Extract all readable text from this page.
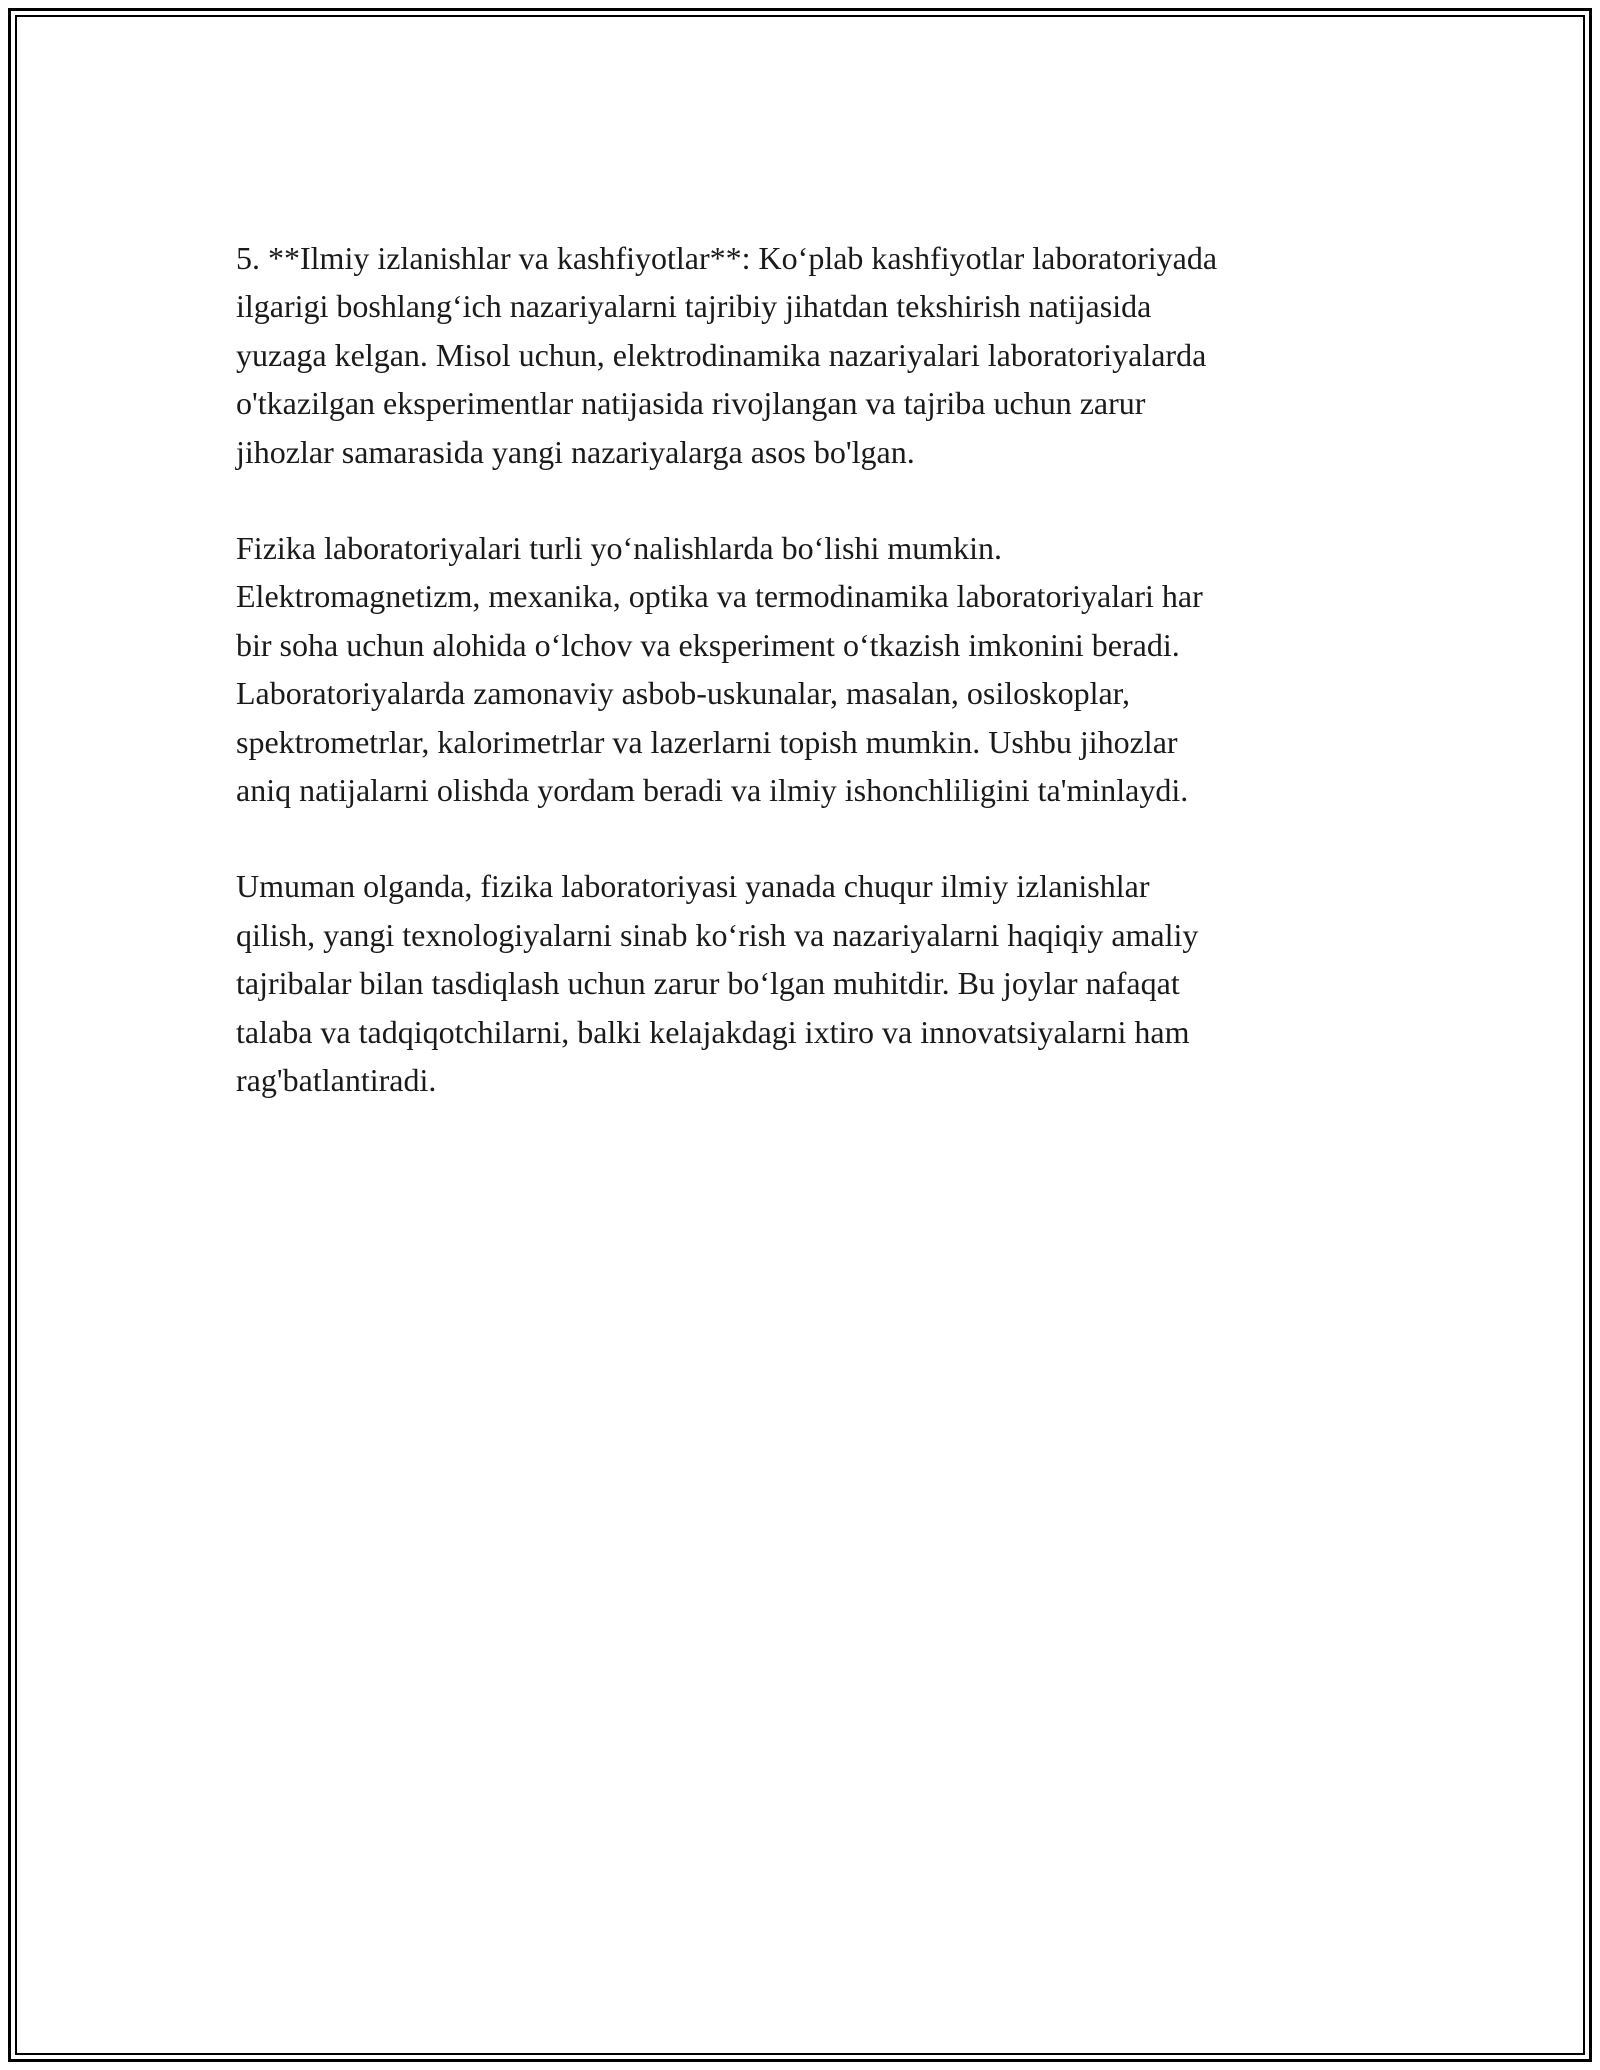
5. **Ilmiy izlanishlar va kashfiyotlar**: Ko‘plab kashfiyotlar laboratoriyada
ilgarigi boshlang‘ich nazariyalarni tajribiy jihatdan tekshirish natijasida
yuzaga kelgan. Misol uchun, elektrodinamika nazariyalari laboratoriyalarda
o'tkazilgan eksperimentlar natijasida rivojlangan va tajriba uchun zarur
jihozlar samarasida yangi nazariyalarga asos bo'lgan.

Fizika laboratoriyalari turli yo‘nalishlarda bo‘lishi mumkin.
Elektromagnetizm, mexanika, optika va termodinamika laboratoriyalari har
bir soha uchun alohida o‘lchov va eksperiment o‘tkazish imkonini beradi.
Laboratoriyalarda zamonaviy asbob-uskunalar, masalan, osiloskoplar,
spektrometrlar, kalorimetrlar va lazerlarni topish mumkin. Ushbu jihozlar
aniq natijalarni olishda yordam beradi va ilmiy ishonchliligini ta'minlaydi.

Umuman olganda, fizika laboratoriyasi yanada chuqur ilmiy izlanishlar
qilish, yangi texnologiyalarni sinab ko‘rish va nazariyalarni haqiqiy amaliy
tajribalar bilan tasdiqlash uchun zarur bo‘lgan muhitdir. Bu joylar nafaqat
talaba va tadqiqotchilarni, balki kelajakdagi ixtiro va innovatsiyalarni ham
rag'batlantiradi.
